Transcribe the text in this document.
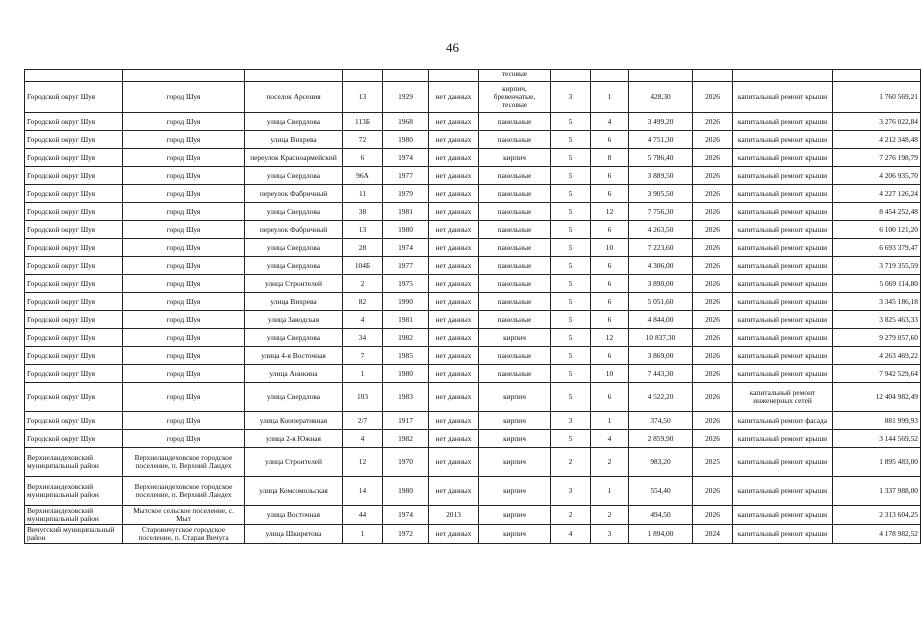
46
						тесовые						
Городской округ Шуя	город Шуя	поселок Арсения	13	1929	нет данных	кирпич, бревенчатые, тесовые	3	1	428,30	2026	капитальный ремонт крыши	1 760 569,21
Городской округ Шуя	город Шуя	улица Свердлова	113Б	1968	нет данных	панельные	5	4	3 499,20	2026	капитальный ремонт крыши	3 276 022,84
Городской округ Шуя	город Шуя	улица Вихрева	72	1980	нет данных	панельные	5	6	4 751,30	2026	капитальный ремонт крыши	4 212 348,48
Городской округ Шуя	город Шуя	переулок Красноармейский	6	1974	нет данных	кирпич	5	8	5 786,40	2026	капитальный ремонт крыши	7 276 198,79
Городской округ Шуя	город Шуя	улица Свердлова	96А	1977	нет данных	панельные	5	6	3 889,50	2026	капитальный ремонт крыши	4 206 935,70
Городской округ Шуя	город Шуя	переулок Фабричный	11	1979	нет данных	панельные	5	6	3 905,50	2026	капитальный ремонт крыши	4 227 126,24
Городской округ Шуя	город Шуя	улица Свердлова	38	1981	нет данных	панельные	5	12	7 756,30	2026	капитальный ремонт крыши	8 454 252,48
Городской округ Шуя	город Шуя	переулок Фабричный	13	1980	нет данных	панельные	5	6	4 263,50	2026	капитальный ремонт крыши	6 100 121,20
Городской округ Шуя	город Шуя	улица Свердлова	28	1974	нет данных	панельные	5	10	7 223,60	2026	капитальный ремонт крыши	6 693 379,47
Городской округ Шуя	город Шуя	улица Свердлова	104Б	1977	нет данных	панельные	5	6	4 306,00	2026	капитальный ремонт крыши	3 719 355,59
Городской округ Шуя	город Шуя	улица Строителей	2	1975	нет данных	панельные	5	6	3 890,00	2026	капитальный ремонт крыши	5 069 114,80
Городской округ Шуя	город Шуя	улица Вихрева	82	1990	нет данных	панельные	5	6	5 051,60	2026	капитальный ремонт крыши	3 345 186,18
Городской округ Шуя	город Шуя	улица Заводская	4	1981	нет данных	панельные	5	6	4 844,00	2026	капитальный ремонт крыши	3 825 463,33
Городской округ Шуя	город Шуя	улица Свердлова	34	1982	нет данных	кирпич	5	12	10 837,30	2026	капитальный ремонт крыши	9 279 057,60
Городской округ Шуя	город Шуя	улица 4-я Восточная	7	1985	нет данных	панельные	5	6	3 869,00	2026	капитальный ремонт крыши	4 263 469,22
Городской округ Шуя	город Шуя	улица Аникина	1	1980	нет данных	панельные	5	10	7 443,30	2026	капитальный ремонт крыши	7 942 529,64
Городской округ Шуя	город Шуя	улица Свердлова	103	1983	нет данных	кирпич	5	6	4 522,20	2026	капитальный ремонт инженерных сетей	12 404 982,49
Городской округ Шуя	город Шуя	улица Кооперативная	2/7	1917	нет данных	кирпич	3	1	374,50	2026	капитальный ремонт фасада	881 999,93
Городской округ Шуя	город Шуя	улица 2-я Южная	4	1982	нет данных	кирпич	5	4	2 859,90	2026	капитальный ремонт крыши	3 144 569,52
Верхнеландеховский муниципальный район	Верхнеландеховское городское поселение, п. Верхний Ландех	улица Строителей	12	1970	нет данных	кирпич	2	2	983,20	2025	капитальный ремонт крыши	1 895 483,00
Верхнеландеховский муниципальный район	Верхнеландеховское городское поселение, п. Верхний Ландех	улица Комсомольская	14	1980	нет данных	кирпич	3	1	554,40	2026	капитальный ремонт крыши	1 337 988,00
Верхнеландеховский муниципальный район	Мытское сельское поселение, с. Мыт	улица Восточная	44	1974	2013	кирпич	2	2	494,50	2026	капитальный ремонт крыши	2 313 604,25
Вичугский муниципальный район	Старовичугское городское поселение, п. Старая Вичуга	улица Шкирятова	1	1972	нет данных	кирпич	4	3	1 894,00	2024	капитальный ремонт крыши	4 178 982,52
